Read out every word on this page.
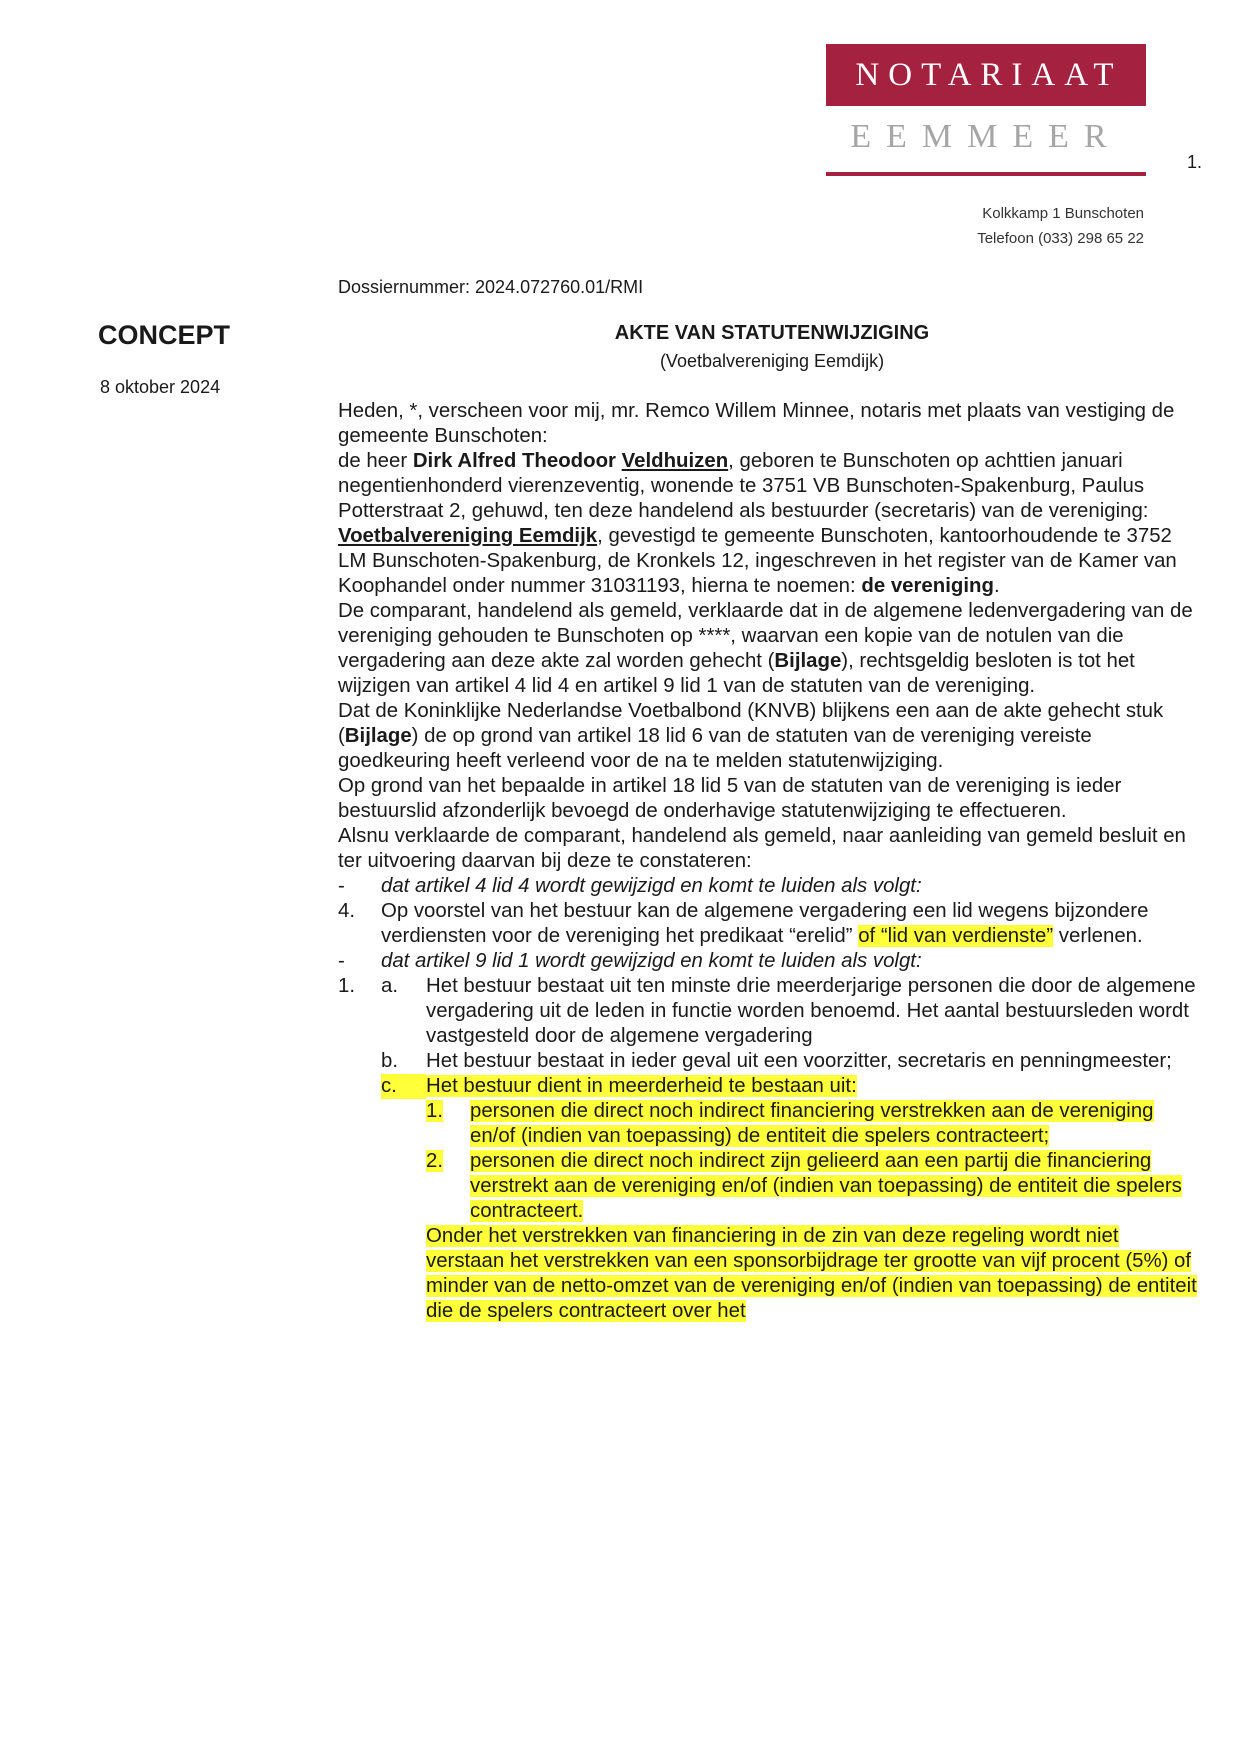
NOTARIAAT
EEMMEER
1.
Kolkkamp 1 Bunschoten
Telefoon (033) 298 65 22
Dossiernummer: 2024.072760.01/RMI
CONCEPT
8 oktober 2024
AKTE VAN STATUTENWIJZIGING
(Voetbalvereniging Eemdijk)

Heden, *, verscheen voor mij, mr. Remco Willem Minnee, notaris met plaats van vestiging de gemeente Bunschoten:

de heer Dirk Alfred Theodoor Veldhuizen, geboren te Bunschoten op achttien januari negentienhonderd vierenzeventig, wonende te 3751 VB Bunschoten-Spakenburg, Paulus Potterstraat 2, gehuwd, ten deze handelend als bestuurder (secretaris) van de vereniging: Voetbalvereniging Eemdijk, gevestigd te gemeente Bunschoten, kantoorhoudende te 3752 LM Bunschoten-Spakenburg, de Kronkels 12, ingeschreven in het register van de Kamer van Koophandel onder nummer 31031193, hierna te noemen: de vereniging.

De comparant, handelend als gemeld, verklaarde dat in de algemene ledenvergadering van de vereniging gehouden te Bunschoten op ****, waarvan een kopie van de notulen van die vergadering aan deze akte zal worden gehecht (Bijlage), rechtsgeldig besloten is tot het wijzigen van artikel 4 lid 4 en artikel 9 lid 1 van de statuten van de vereniging.

Dat de Koninklijke Nederlandse Voetbalbond (KNVB) blijkens een aan de akte gehecht stuk (Bijlage) de op grond van artikel 18 lid 6 van de statuten van de vereniging vereiste goedkeuring heeft verleend voor de na te melden statutenwijziging.

Op grond van het bepaalde in artikel 18 lid 5 van de statuten van de vereniging is ieder bestuurslid afzonderlijk bevoegd de onderhavige statutenwijziging te effectueren.

Alsnu verklaarde de comparant, handelend als gemeld, naar aanleiding van gemeld besluit en ter uitvoering daarvan bij deze te constateren:

-	dat artikel 4 lid 4 wordt gewijzigd en komt te luiden als volgt:
4.	Op voorstel van het bestuur kan de algemene vergadering een lid wegens bijzondere verdiensten voor de vereniging het predikaat “erelid” of “lid van verdienste” verlenen.
-	dat artikel 9 lid 1 wordt gewijzigd en komt te luiden als volgt:
1.	a.	Het bestuur bestaat uit ten minste drie meerderjarige personen die door de algemene vergadering uit de leden in functie worden benoemd. Het aantal bestuursleden wordt vastgesteld door de algemene vergadering
b.	Het bestuur bestaat in ieder geval uit een voorzitter, secretaris en penningmeester;
c.	Het bestuur dient in meerderheid te bestaan uit:
1.	personen die direct noch indirect financiering verstrekken aan de vereniging en/of (indien van toepassing) de entiteit die spelers contracteert;
2.	personen die direct noch indirect zijn gelieerd aan een partij die financiering verstrekt aan de vereniging en/of (indien van toepassing) de entiteit die spelers contracteert.
Onder het verstrekken van financiering in de zin van deze regeling wordt niet verstaan het verstrekken van een sponsorbijdrage ter grootte van vijf procent (5%) of minder van de netto-omzet van de vereniging en/of (indien van toepassing) de entiteit die de spelers contracteert over het
